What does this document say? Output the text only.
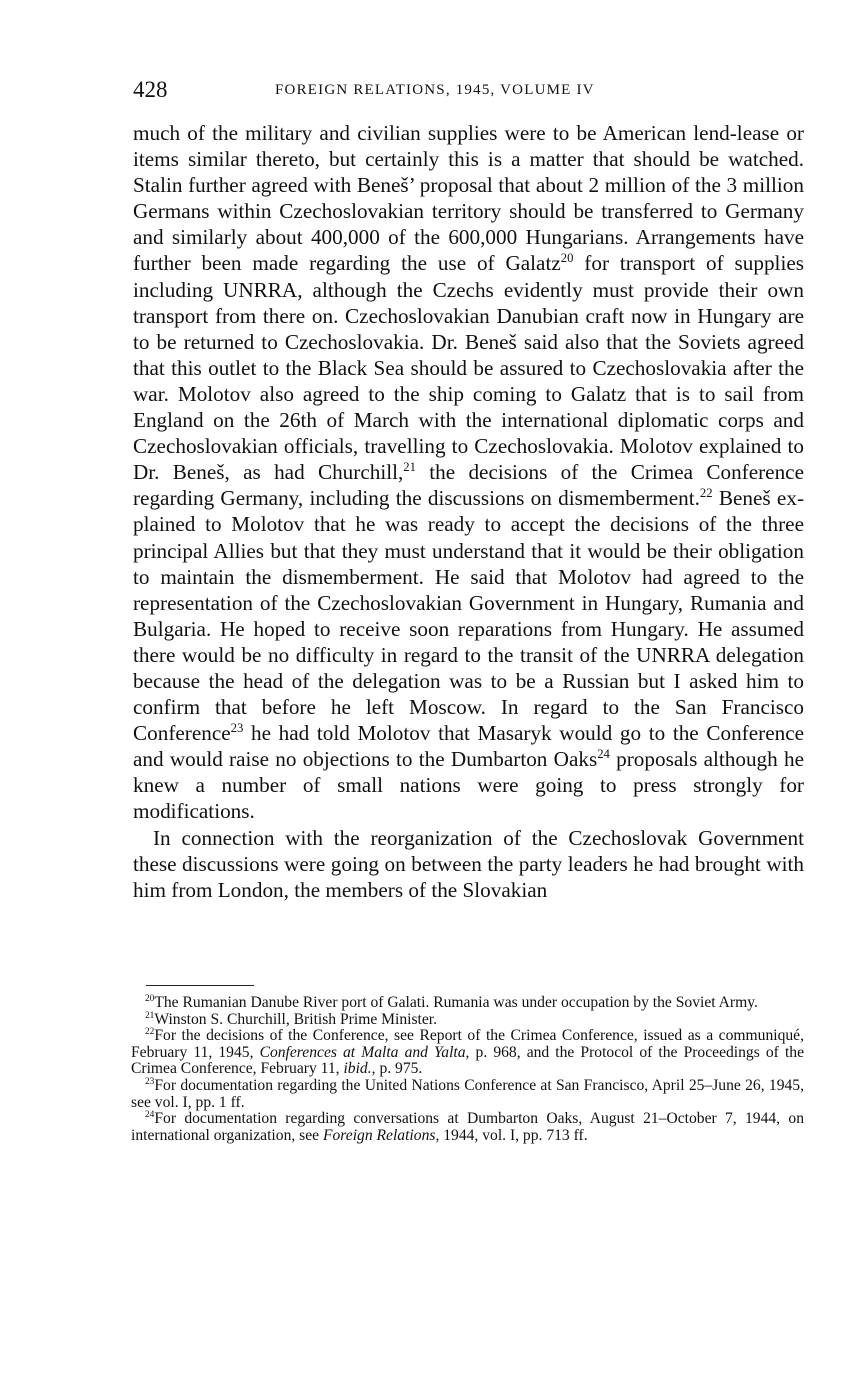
428	FOREIGN RELATIONS, 1945, VOLUME IV

much of the military and civilian supplies were to be American lend-lease or items similar thereto, but certainly this is a matter that should be watched. Stalin further agreed with Beneš’ proposal that about 2 million of the 3 million Germans within Czechoslovakian territory should be transferred to Germany and similarly about 400,000 of the 600,000 Hungarians. Arrangements have further been made regarding the use of Galatz$^{20}$ for transport of supplies including UNRRA, although the Czechs evidently must provide their own transport from there on. Czechoslovakian Danubian craft now in Hungary are to be returned to Czechoslovakia. Dr. Beneš said also that the Soviets agreed that this outlet to the Black Sea should be assured to Czechoslovakia after the war. Molotov also agreed to the ship coming to Galatz that is to sail from England on the 26th of March with the international diplomatic corps and Czechoslovakian officials, travelling to Czechoslovakia. Molotov explained to Dr. Beneš, as had Churchill,$^{21}$ the decisions of the Crimea Conference regarding Germany, including the discussions on dismemberment.$^{22}$ Beneš explained to Molotov that he was ready to accept the decisions of the three principal Allies but that they must understand that it would be their obligation to maintain the dismemberment. He said that Molotov had agreed to the representation of the Czechoslovakian Government in Hungary, Rumania and Bulgaria. He hoped to receive soon reparations from Hungary. He assumed there would be no difficulty in regard to the transit of the UNRRA delegation because the head of the delegation was to be a Russian but I asked him to confirm that before he left Moscow. In regard to the San Francisco Conference$^{23}$ he had told Molotov that Masaryk would go to the Conference and would raise no objections to the Dumbarton Oaks$^{24}$ proposals although he knew a number of small nations were going to press strongly for modifications.

In connection with the reorganization of the Czechoslovak Government these discussions were going on between the party leaders he had brought with him from London, the members of the Slovakian

$^{20}$The Rumanian Danube River port of Galati. Rumania was under occupation by the Soviet Army.

$^{21}$Winston S. Churchill, British Prime Minister.

$^{22}$For the decisions of the Conference, see Report of the Crimea Conference, issued as a communiqué, February 11, 1945, Conferences at Malta and Yalta, p. 968, and the Protocol of the Proceedings of the Crimea Conference, February 11, ibid., p. 975.

$^{23}$For documentation regarding the United Nations Conference at San Francisco, April 25–June 26, 1945, see vol. I, pp. 1 ff.

$^{24}$For documentation regarding conversations at Dumbarton Oaks, August 21–October 7, 1944, on international organization, see Foreign Relations, 1944, vol. I, pp. 713 ff.
